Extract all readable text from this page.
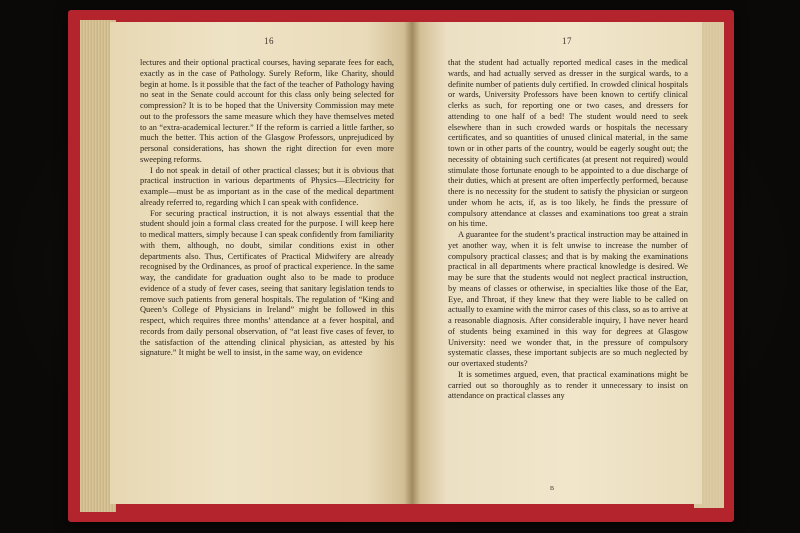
16

lectures and their optional practical courses, having separate fees for each, exactly as in the case of Pathology. Surely Reform, like Charity, should begin at home. Is it possible that the fact of the teacher of Pathology having no seat in the Senate could account for this class only being selected for compression? It is to be hoped that the University Commission may mete out to the professors the same measure which they have themselves meted to an “extra-academical lecturer.” If the reform is carried a little farther, so much the better. This action of the Glasgow Professors, unprejudiced by personal considerations, has shown the right direction for even more sweeping reforms.

I do not speak in detail of other practical classes; but it is obvious that practical instruction in various departments of Physics—Electricity for example—must be as important as in the case of the medical department already referred to, regarding which I can speak with confidence.

For securing practical instruction, it is not always essential that the student should join a formal class created for the purpose. I will keep here to medical matters, simply because I can speak confidently from familiarity with them, although, no doubt, similar conditions exist in other departments also. Thus, Certificates of Practical Midwifery are already recognised by the Ordinances, as proof of practical experience. In the same way, the candidate for graduation ought also to be made to produce evidence of a study of fever cases, seeing that sanitary legislation tends to remove such patients from general hospitals. The regulation of “King and Queen’s College of Physicians in Ireland” might be followed in this respect, which requires three months’ attendance at a fever hospital, and records from daily personal observation, of “at least five cases of fever, to the satisfaction of the attending clinical physician, as attested by his signature.” It might be well to insist, in the same way, on evidence

17

that the student had actually reported medical cases in the medical wards, and had actually served as dresser in the surgical wards, to a definite number of patients duly certified. In crowded clinical hospitals or wards, University Professors have been known to certify clinical clerks as such, for reporting one or two cases, and dressers for attending to one half of a bed! The student would need to seek elsewhere than in such crowded wards or hospitals the necessary certificates, and so quantities of unused clinical material, in the same town or in other parts of the country, would be eagerly sought out; the necessity of obtaining such certificates (at present not required) would stimulate those fortunate enough to be appointed to a due discharge of their duties, which at present are often imperfectly performed, because there is no necessity for the student to satisfy the physician or surgeon under whom he acts, if, as is too likely, he finds the pressure of compulsory attendance at classes and examinations too great a strain on his time.

A guarantee for the student’s practical instruction may be attained in yet another way, when it is felt unwise to increase the number of compulsory practical classes; and that is by making the examinations practical in all departments where practical knowledge is desired. We may be sure that the students would not neglect practical instruction, by means of classes or otherwise, in specialties like those of the Ear, Eye, and Throat, if they knew that they were liable to be called on actually to examine with the mirror cases of this class, so as to arrive at a reasonable diagnosis. After considerable inquiry, I have never heard of students being examined in this way for degrees at Glasgow University: need we wonder that, in the pressure of compulsory systematic classes, these important subjects are so much neglected by our overtaxed students?

It is sometimes argued, even, that practical examinations might be carried out so thoroughly as to render it unnecessary to insist on attendance on practical classes any

B
